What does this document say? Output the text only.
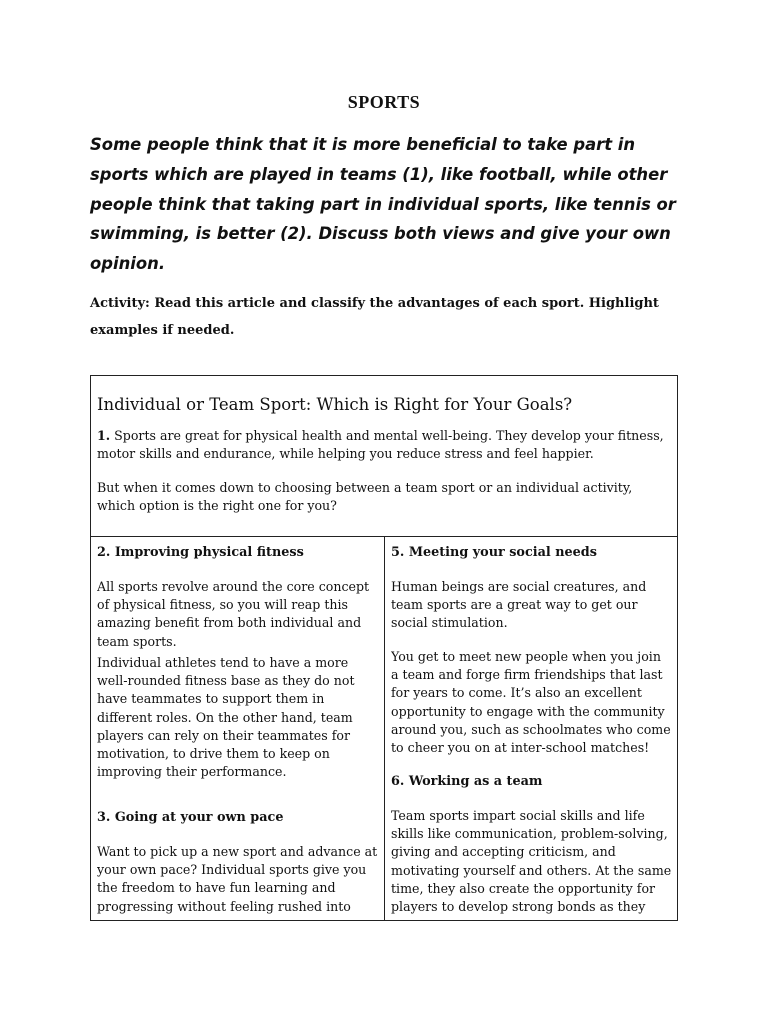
SPORTS
Some people think that it is more beneficial to take part in
sports which are played in teams (1), like football, while other
people think that taking part in individual sports, like tennis or
swimming, is better (2). Discuss both views and give your own
opinion.
Activity: Read this article and classify the advantages of each sport. Highlight
examples if needed.
Individual or Team Sport: Which is Right for Your Goals?
1. Sports are great for physical health and mental well-being. They develop your fitness,
motor skills and endurance, while helping you reduce stress and feel happier.
But when it comes down to choosing between a team sport or an individual activity,
which option is the right one for you?
2. Improving physical fitness
All sports revolve around the core concept
of physical fitness, so you will reap this
amazing benefit from both individual and
team sports.
Individual athletes tend to have a more
well-rounded fitness base as they do not
have teammates to support them in
different roles. On the other hand, team
players can rely on their teammates for
motivation, to drive them to keep on
improving their performance.
3. Going at your own pace
Want to pick up a new sport and advance at
your own pace? Individual sports give you
the freedom to have fun learning and
progressing without feeling rushed into
5. Meeting your social needs
Human beings are social creatures, and
team sports are a great way to get our
social stimulation.
You get to meet new people when you join
a team and forge firm friendships that last
for years to come. It’s also an excellent
opportunity to engage with the community
around you, such as schoolmates who come
to cheer you on at inter-school matches!
6. Working as a team
Team sports impart social skills and life
skills like communication, problem-solving,
giving and accepting criticism, and
motivating yourself and others. At the same
time, they also create the opportunity for
players to develop strong bonds as they
